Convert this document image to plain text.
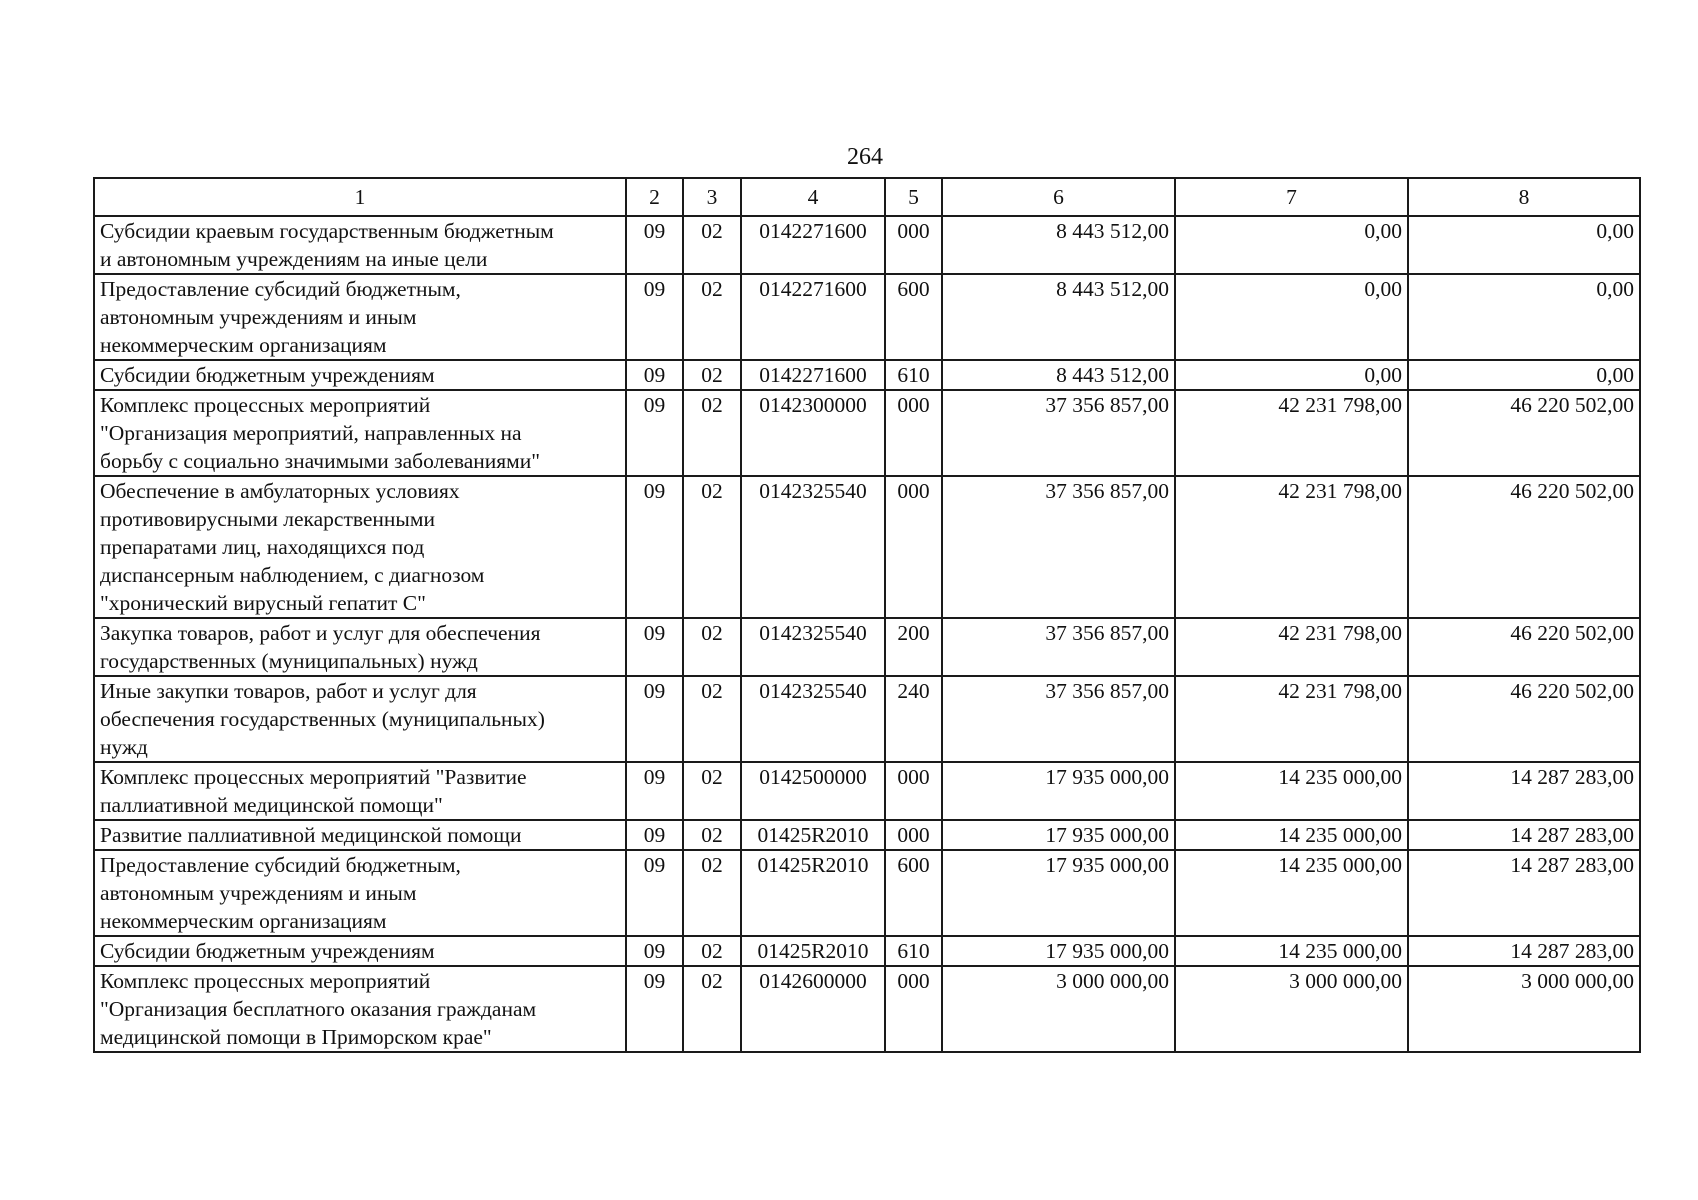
264
1	2	3	4	5	6	7	8

Субсидии краевым государственным бюджетным
и автономным учреждениям на иные цели	09	02	0142271600	000	8 443 512,00	0,00	0,00

Предоставление субсидий бюджетным,
автономным учреждениям и иным
некоммерческим организациям	09	02	0142271600	600	8 443 512,00	0,00	0,00

Субсидии бюджетным учреждениям	09	02	0142271600	610	8 443 512,00	0,00	0,00

Комплекс процессных мероприятий
"Организация мероприятий, направленных на
борьбу с социально значимыми заболеваниями"	09	02	0142300000	000	37 356 857,00	42 231 798,00	46 220 502,00

Обеспечение в амбулаторных условиях
противовирусными лекарственными
препаратами лиц, находящихся под
диспансерным наблюдением, с диагнозом
"хронический вирусный гепатит С"	09	02	0142325540	000	37 356 857,00	42 231 798,00	46 220 502,00

Закупка товаров, работ и услуг для обеспечения
государственных (муниципальных) нужд	09	02	0142325540	200	37 356 857,00	42 231 798,00	46 220 502,00

Иные закупки товаров, работ и услуг для
обеспечения государственных (муниципальных)
нужд	09	02	0142325540	240	37 356 857,00	42 231 798,00	46 220 502,00

Комплекс процессных мероприятий "Развитие
паллиативной медицинской помощи"	09	02	0142500000	000	17 935 000,00	14 235 000,00	14 287 283,00

Развитие паллиативной медицинской помощи	09	02	01425R2010	000	17 935 000,00	14 235 000,00	14 287 283,00

Предоставление субсидий бюджетным,
автономным учреждениям и иным
некоммерческим организациям	09	02	01425R2010	600	17 935 000,00	14 235 000,00	14 287 283,00

Субсидии бюджетным учреждениям	09	02	01425R2010	610	17 935 000,00	14 235 000,00	14 287 283,00

Комплекс процессных мероприятий
"Организация бесплатного оказания гражданам
медицинской помощи в Приморском крае"	09	02	0142600000	000	3 000 000,00	3 000 000,00	3 000 000,00
